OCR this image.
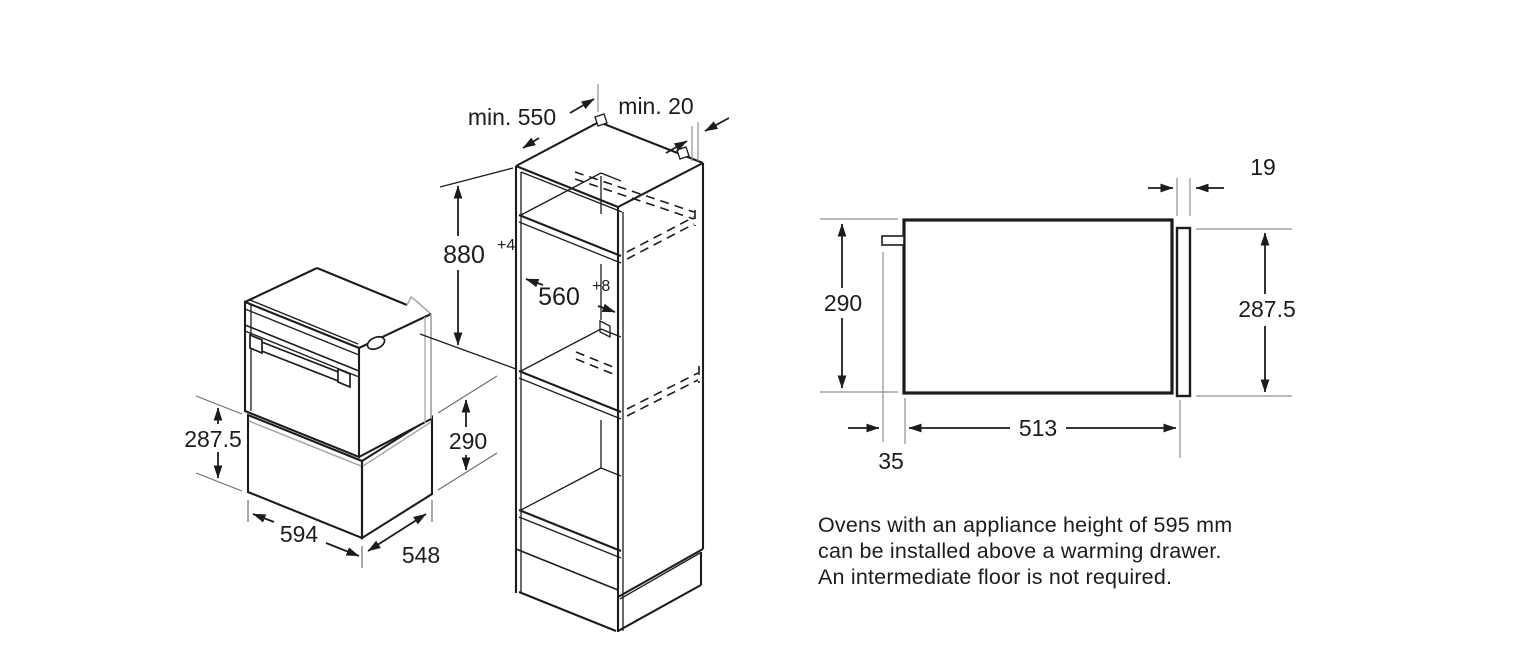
287.5	290
594
548
min. 550	min. 20
880 +4
560 +8
19
290	287.5
513
35
Ovens with an appliance height of 595 mm
can be installed above a warming drawer.
An intermediate floor is not required.
